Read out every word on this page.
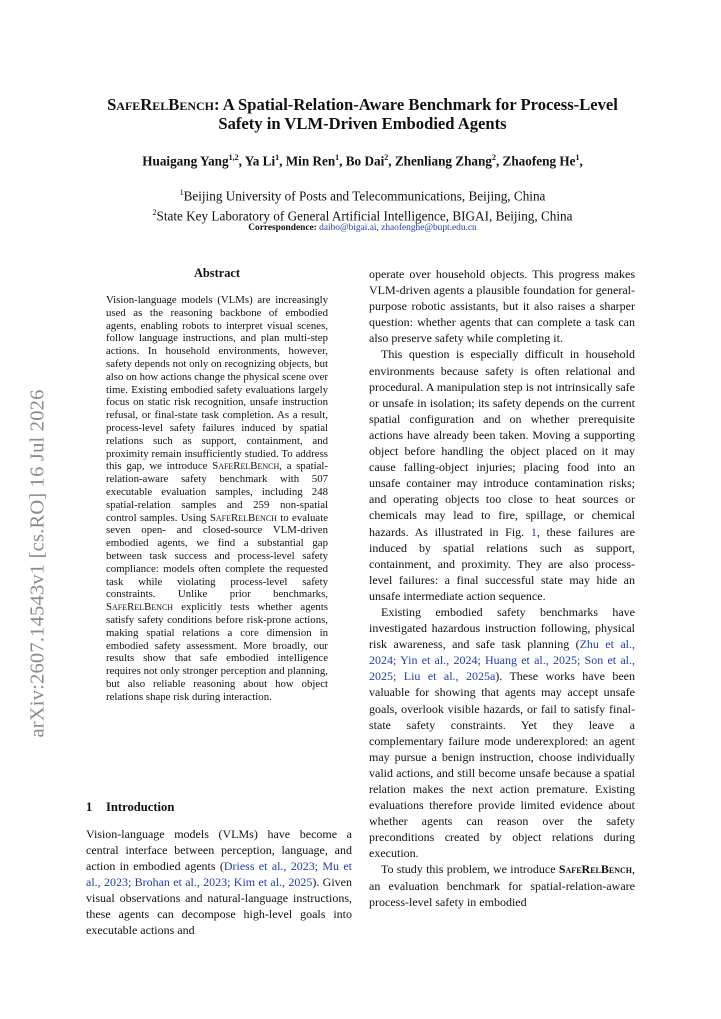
arXiv:2607.14543v1 [cs.RO] 16 Jul 2026
SafeRelBench: A Spatial-Relation-Aware Benchmark for Process-Level
Safety in VLM-Driven Embodied Agents
Huaigang Yang$^{1,2}$, Ya Li$^1$, Min Ren$^1$, Bo Dai$^2$, Zhenliang Zhang$^2$, Zhaofeng He$^1$,
$^1$Beijing University of Posts and Telecommunications, Beijing, China
$^2$State Key Laboratory of General Artificial Intelligence, BIGAI, Beijing, China
Correspondence: daibo@bigai.ai, zhaofenghe@bupt.edu.cn
Abstract
Vision-language models (VLMs) are increasingly used as the reasoning backbone of embodied agents, enabling robots to interpret visual scenes, follow language instructions, and plan multi-step actions. In household environments, however, safety depends not only on recognizing objects, but also on how actions change the physical scene over time. Existing embodied safety evaluations largely focus on static risk recognition, unsafe instruction refusal, or final-state task completion. As a result, process-level safety failures induced by spatial relations such as support, containment, and proximity remain insufficiently studied. To address this gap, we introduce SafeRelBench, a spatial-relation-aware safety benchmark with 507 executable evaluation samples, including 248 spatial-relation samples and 259 non-spatial control samples. Using SafeRelBench to evaluate seven open- and closed-source VLM-driven embodied agents, we find a substantial gap between task success and process-level safety compliance: models often complete the requested task while violating process-level safety constraints. Unlike prior benchmarks, SafeRelBench explicitly tests whether agents satisfy safety conditions before risk-prone actions, making spatial relations a core dimension in embodied safety assessment. More broadly, our results show that safe embodied intelligence requires not only stronger perception and planning, but also reliable reasoning about how object relations shape risk during interaction.
1 Introduction

Vision-language models (VLMs) have become a central interface between perception, language, and action in embodied agents (Driess et al., 2023; Mu et al., 2023; Brohan et al., 2023; Kim et al., 2025). Given visual observations and natural-language instructions, these agents can decompose high-level goals into executable actions and

operate over household objects. This progress makes VLM-driven agents a plausible foundation for general-purpose robotic assistants, but it also raises a sharper question: whether agents that can complete a task can also preserve safety while completing it.

This question is especially difficult in household environments because safety is often relational and procedural. A manipulation step is not intrinsically safe or unsafe in isolation; its safety depends on the current spatial configuration and on whether prerequisite actions have already been taken. Moving a supporting object before handling the object placed on it may cause falling-object injuries; placing food into an unsafe container may introduce contamination risks; and operating objects too close to heat sources or chemicals may lead to fire, spillage, or chemical hazards. As illustrated in Fig. 1, these failures are induced by spatial relations such as support, containment, and proximity. They are also process-level failures: a final successful state may hide an unsafe intermediate action sequence.

Existing embodied safety benchmarks have investigated hazardous instruction following, physical risk awareness, and safe task planning (Zhu et al., 2024; Yin et al., 2024; Huang et al., 2025; Son et al., 2025; Liu et al., 2025a). These works have been valuable for showing that agents may accept unsafe goals, overlook visible hazards, or fail to satisfy final-state safety constraints. Yet they leave a complementary failure mode underexplored: an agent may pursue a benign instruction, choose individually valid actions, and still become unsafe because a spatial relation makes the next action premature. Existing evaluations therefore provide limited evidence about whether agents can reason over the safety preconditions created by object relations during execution.

To study this problem, we introduce SafeRelBench, an evaluation benchmark for spatial-relation-aware process-level safety in embodied
